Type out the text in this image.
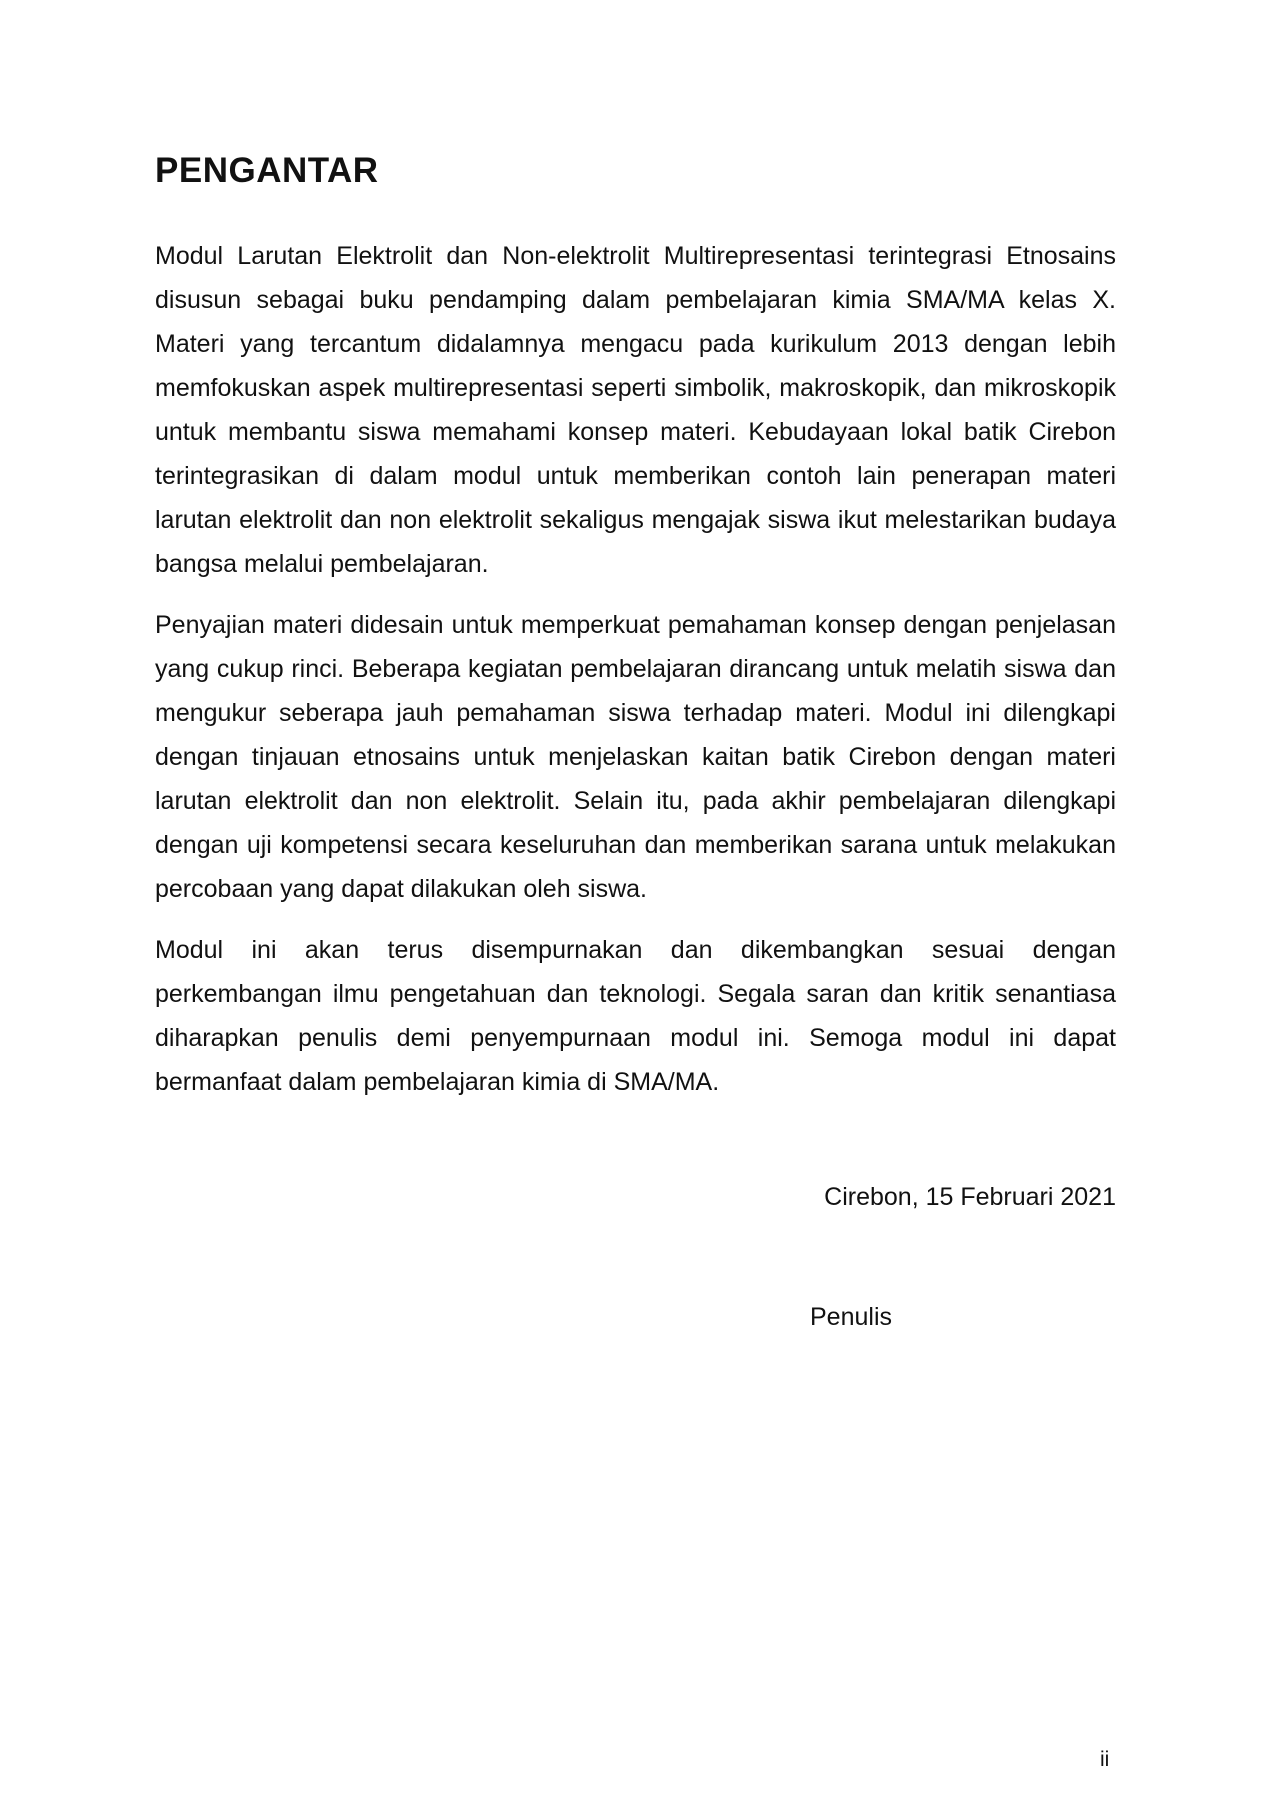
PENGANTAR

Modul Larutan Elektrolit dan Non-elektrolit Multirepresentasi terintegrasi Etnosains disusun sebagai buku pendamping dalam pembelajaran kimia SMA/MA kelas X. Materi yang tercantum didalamnya mengacu pada kurikulum 2013 dengan lebih memfokuskan aspek multirepresentasi seperti simbolik, makroskopik, dan mikroskopik untuk membantu siswa memahami konsep materi. Kebudayaan lokal batik Cirebon terintegrasikan di dalam modul untuk memberikan contoh lain penerapan materi larutan elektrolit dan non elektrolit sekaligus mengajak siswa ikut melestarikan budaya bangsa melalui pembelajaran.

Penyajian materi didesain untuk memperkuat pemahaman konsep dengan penjelasan yang cukup rinci. Beberapa kegiatan pembelajaran dirancang untuk melatih siswa dan mengukur seberapa jauh pemahaman siswa terhadap materi. Modul ini dilengkapi dengan tinjauan etnosains untuk menjelaskan kaitan batik Cirebon dengan materi larutan elektrolit dan non elektrolit. Selain itu, pada akhir pembelajaran dilengkapi dengan uji kompetensi secara keseluruhan dan memberikan sarana untuk melakukan percobaan yang dapat dilakukan oleh siswa.

Modul ini akan terus disempurnakan dan dikembangkan sesuai dengan perkembangan ilmu pengetahuan dan teknologi. Segala saran dan kritik senantiasa diharapkan penulis demi penyempurnaan modul ini. Semoga modul ini dapat bermanfaat dalam pembelajaran kimia di SMA/MA.

Cirebon, 15 Februari 2021

Penulis

ii
